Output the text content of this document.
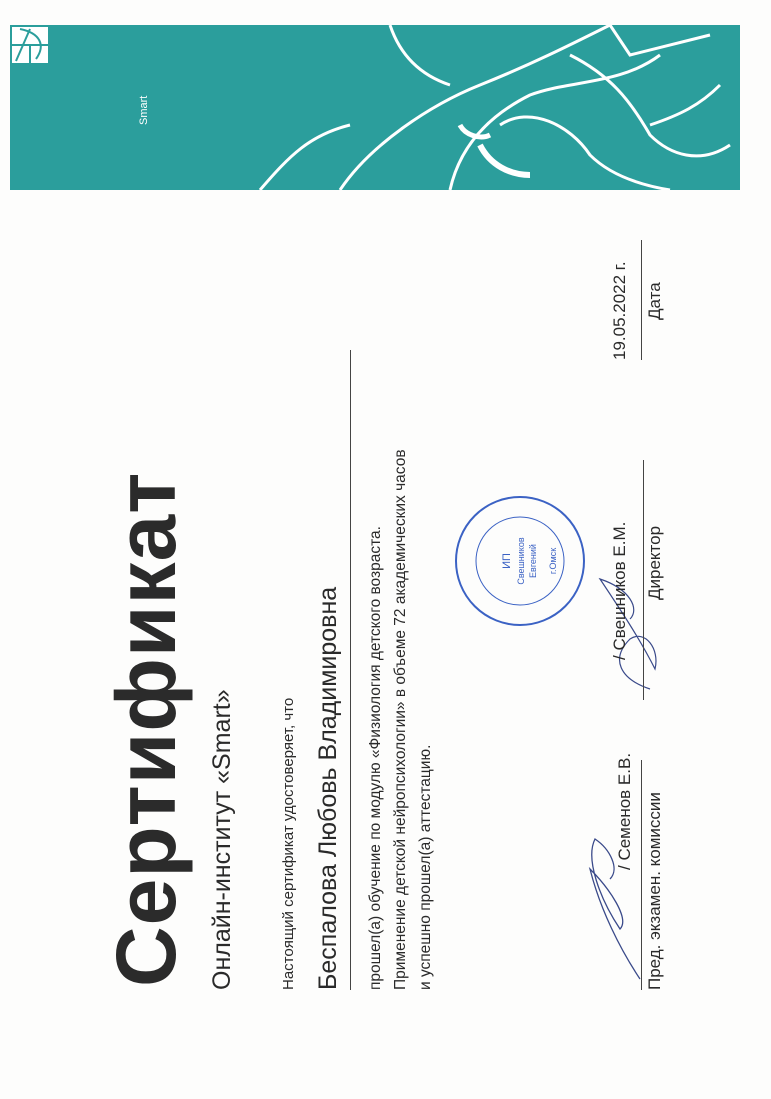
Smart
Сертификат Онлайн-институт «Smart»	Настоящий сертификат удостоверяет, что Беспалова Любовь Владимировна прошел(а) обучение по модулю «Физиология детского возраста. Применение детской нейропсихологии» в объеме 72 академических часов и успешно прошел(а) аттестацию.	/ Семенов Е.В. Пред. экзамен. комиссии
ИП Свешников Евгений г.Омск	/ Свешников Е.М. Директор
19.05.2022 г. Дата
